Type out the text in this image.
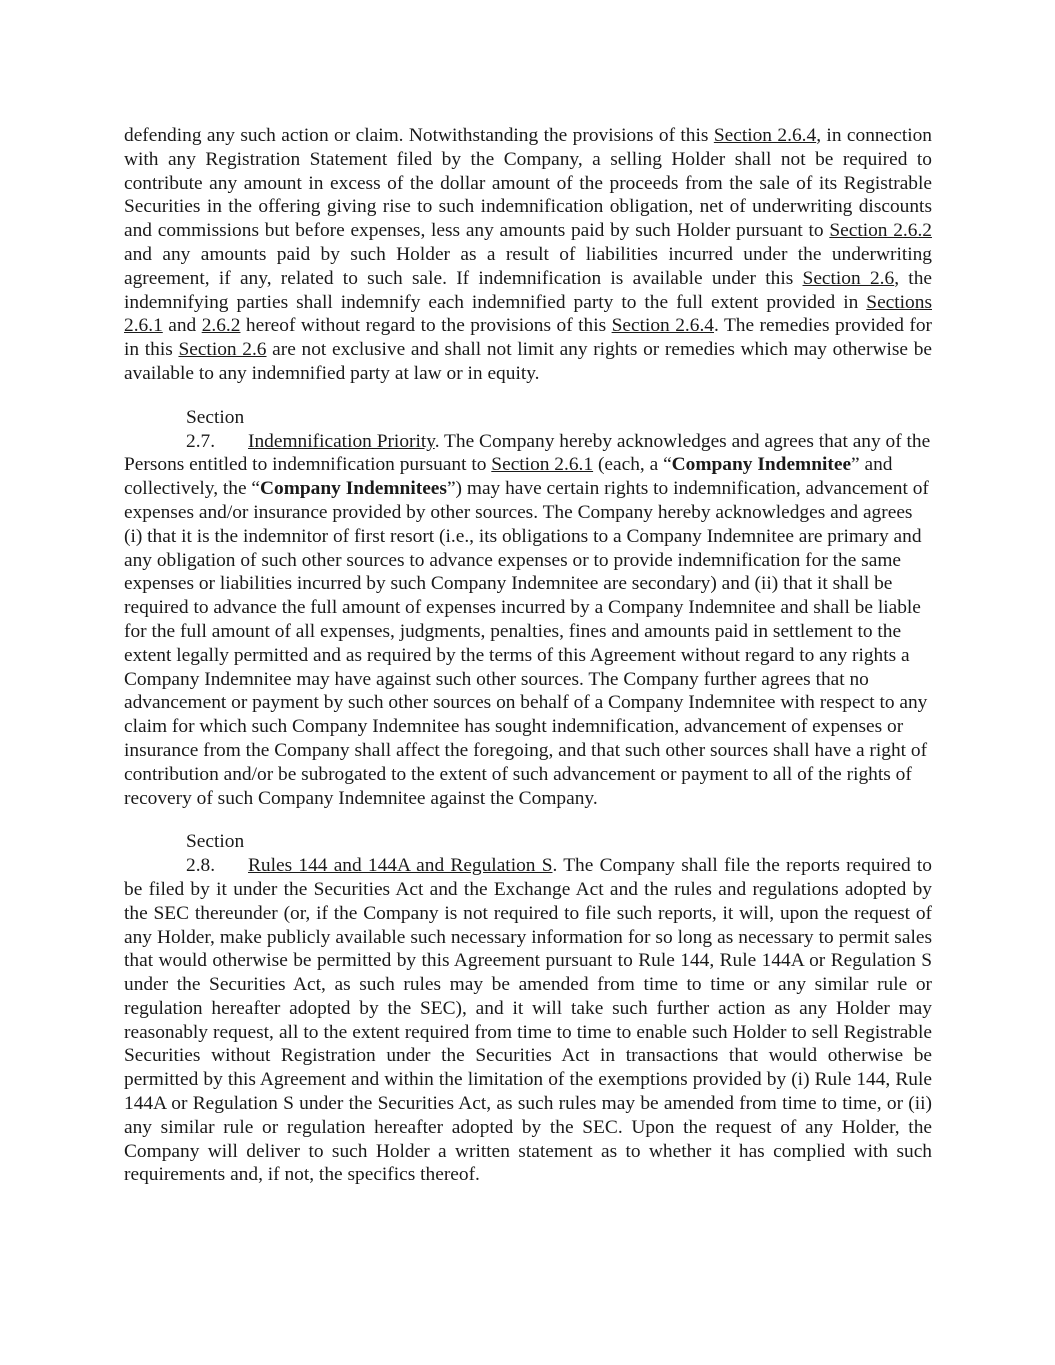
defending any such action or claim. Notwithstanding the provisions of this Section 2.6.4, in connection with any Registration Statement filed by the Company, a selling Holder shall not be required to contribute any amount in excess of the dollar amount of the proceeds from the sale of its Registrable Securities in the offering giving rise to such indemnification obligation, net of underwriting discounts and commissions but before expenses, less any amounts paid by such Holder pursuant to Section 2.6.2 and any amounts paid by such Holder as a result of liabilities incurred under the underwriting agreement, if any, related to such sale. If indemnification is available under this Section 2.6, the indemnifying parties shall indemnify each indemnified party to the full extent provided in Sections 2.6.1 and 2.6.2 hereof without regard to the provisions of this Section 2.6.4. The remedies provided for in this Section 2.6 are not exclusive and shall not limit any rights or remedies which may otherwise be available to any indemnified party at law or in equity.

Section 2.7. Indemnification Priority. The Company hereby acknowledges and agrees that any of the Persons entitled to indemnification pursuant to Section 2.6.1 (each, a “Company Indemnitee” and collectively, the “Company Indemnitees”) may have certain rights to indemnification, advancement of expenses and/or insurance provided by other sources. The Company hereby acknowledges and agrees (i) that it is the indemnitor of first resort (i.e., its obligations to a Company Indemnitee are primary and any obligation of such other sources to advance expenses or to provide indemnification for the same expenses or liabilities incurred by such Company Indemnitee are secondary) and (ii) that it shall be required to advance the full amount of expenses incurred by a Company Indemnitee and shall be liable for the full amount of all expenses, judgments, penalties, fines and amounts paid in settlement to the extent legally permitted and as required by the terms of this Agreement without regard to any rights a Company Indemnitee may have against such other sources. The Company further agrees that no advancement or payment by such other sources on behalf of a Company Indemnitee with respect to any claim for which such Company Indemnitee has sought indemnification, advancement of expenses or insurance from the Company shall affect the foregoing, and that such other sources shall have a right of contribution and/or be subrogated to the extent of such advancement or payment to all of the rights of recovery of such Company Indemnitee against the Company.

Section 2.8. Rules 144 and 144A and Regulation S. The Company shall file the reports required to be filed by it under the Securities Act and the Exchange Act and the rules and regulations adopted by the SEC thereunder (or, if the Company is not required to file such reports, it will, upon the request of any Holder, make publicly available such necessary information for so long as necessary to permit sales that would otherwise be permitted by this Agreement pursuant to Rule 144, Rule 144A or Regulation S under the Securities Act, as such rules may be amended from time to time or any similar rule or regulation hereafter adopted by the SEC), and it will take such further action as any Holder may reasonably request, all to the extent required from time to time to enable such Holder to sell Registrable Securities without Registration under the Securities Act in transactions that would otherwise be permitted by this Agreement and within the limitation of the exemptions provided by (i) Rule 144, Rule 144A or Regulation S under the Securities Act, as such rules may be amended from time to time, or (ii) any similar rule or regulation hereafter adopted by the SEC. Upon the request of any Holder, the Company will deliver to such Holder a written statement as to whether it has complied with such requirements and, if not, the specifics thereof.
